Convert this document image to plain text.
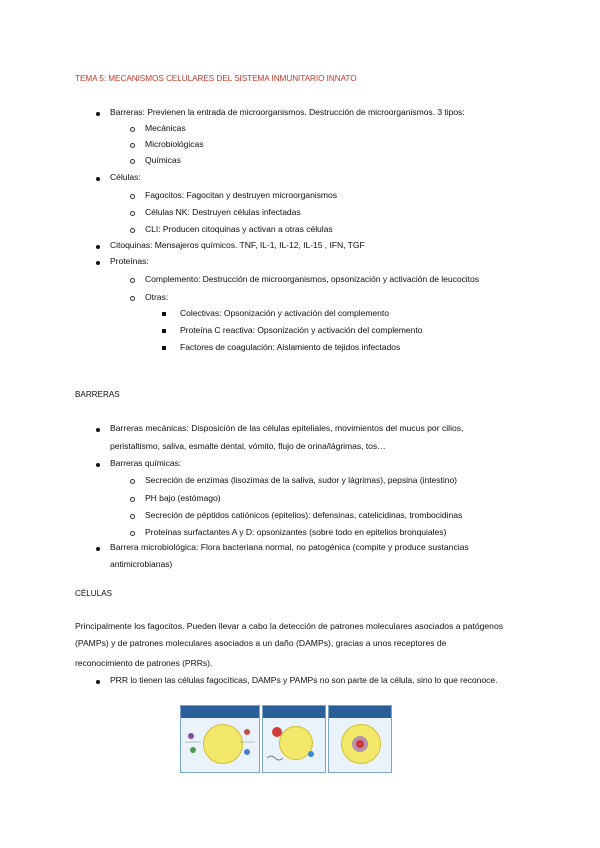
TEMA 5: MECANISMOS CELULARES DEL SISTEMA INMUNITARIO INNATO
Barreras: Previenen la entrada de microorganismos. Destrucción de microorganismos. 3 tipos:
Mecánicas
Microbiológicas
Químicas
Células:
Fagocitos: Fagocitan y destruyen microorganismos
Células NK: Destruyen células infectadas
CLI: Producen citoquinas y activan a otras células
Citoquinas: Mensajeros químicos. TNF, IL-1, IL-12, IL-15 , IFN, TGF
Proteínas:
Complemento: Destrucción de microorganismos, opsonización y activación de leucocitos
Otras:
Colectivas: Opsonización y activación del complemento
Proteína C reactiva: Opsonización y activación del complemento
Factores de coagulación: Aislamiento de tejidos infectados
BARRERAS
Barreras mecánicas: Disposición de las células epiteliales, movimientos del mucus por cilios,
peristaltismo, saliva, esmalte dental, vómito, flujo de orina/lágrimas, tos…
Barreras químicas:
Secreción de enzimas (lisozimas de la saliva, sudor y lágrimas), pepsina (intestino)
PH bajo (estómago)
Secreción de péptidos catiónicos (epitelios): defensinas, catelicidinas, trombocidinas
Proteínas surfactantes A y D: opsonizantes (sobre todo en epitelios bronquiales)
Barrera microbiológica: Flora bacteriana normal, no patogénica (compite y produce sustancias
antimicrobianas)
CÉLULAS
Principalmente los fagocitos. Pueden llevar a cabo la detección de patrones moleculares asociados a patógenos
(PAMPs) y de patrones moleculares asociados a un daño (DAMPs), gracias a unos receptores de
reconocimiento de patrones (PRRs).
PRR lo tienen las células fagocíticas, DAMPs y PAMPs no son parte de la célula, sino lo que reconoce.
